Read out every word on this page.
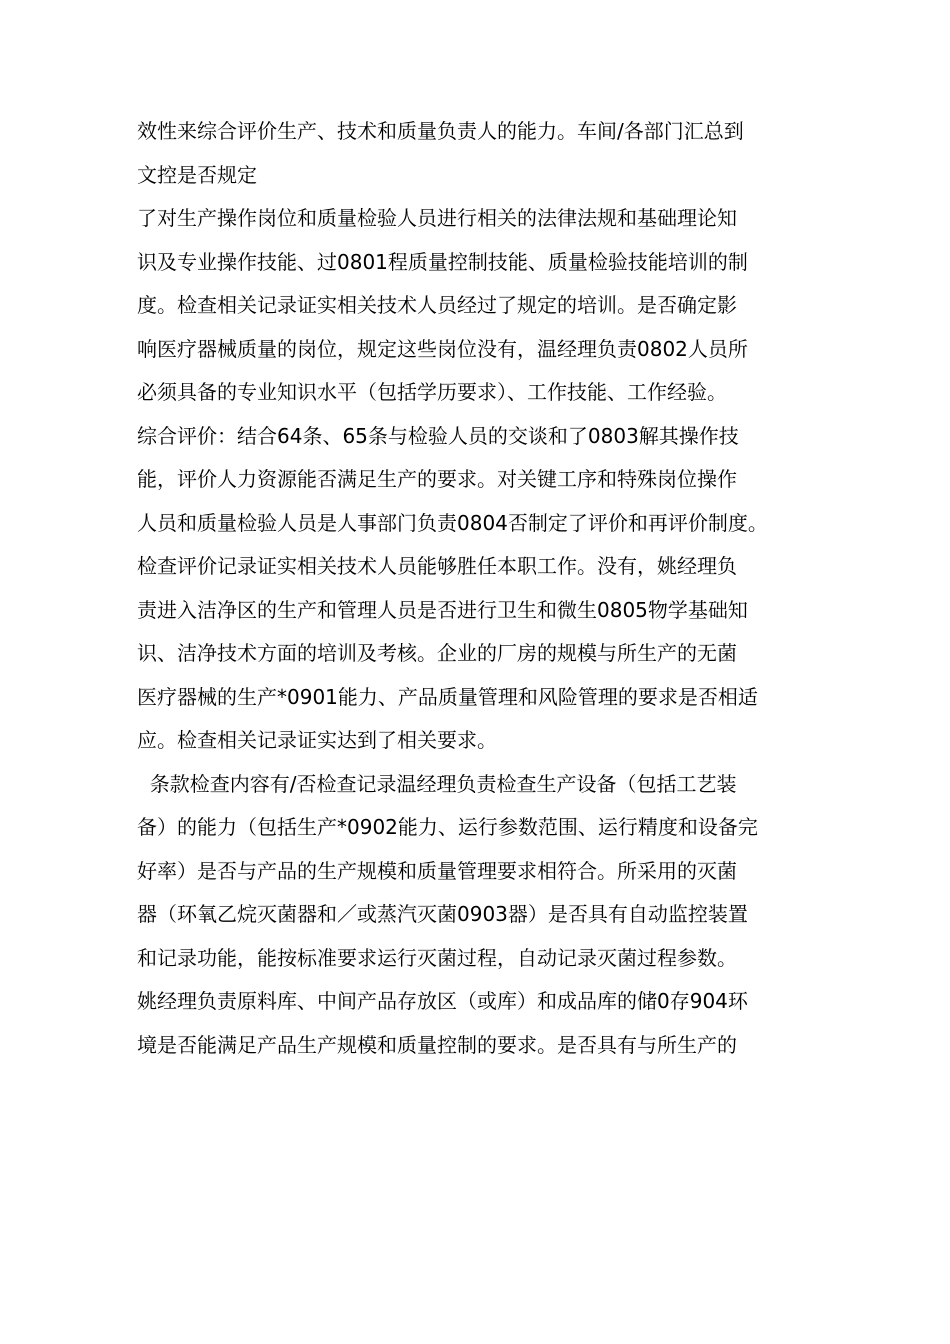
效性来综合评价生产、技术和质量负责人的能力。车间/各部门汇总到
文控是否规定
了对生产操作岗位和质量检验人员进行相关的法律法规和基础理论知
识及专业操作技能、过0801程质量控制技能、质量检验技能培训的制
度。检查相关记录证实相关技术人员经过了规定的培训。是否确定影
响医疗器械质量的岗位，规定这些岗位没有，温经理负责0802人员所
必须具备的专业知识水平（包括学历要求）、工作技能、工作经验。
综合评价：结合64条、65条与检验人员的交谈和了0803解其操作技
能，评价人力资源能否满足生产的要求。对关键工序和特殊岗位操作
人员和质量检验人员是人事部门负责0804否制定了评价和再评价制度。
检查评价记录证实相关技术人员能够胜任本职工作。没有，姚经理负
责进入洁净区的生产和管理人员是否进行卫生和微生0805物学基础知
识、洁净技术方面的培训及考核。企业的厂房的规模与所生产的无菌
医疗器械的生产*0901能力、产品质量管理和风险管理的要求是否相适
应。检查相关记录证实达到了相关要求。
条款检查内容有/否检查记录温经理负责检查生产设备（包括工艺装
备）的能力（包括生产*0902能力、运行参数范围、运行精度和设备完
好率）是否与产品的生产规模和质量管理要求相符合。所采用的灭菌
器（环氧乙烷灭菌器和／或蒸汽灭菌0903器）是否具有自动监控装置
和记录功能，能按标准要求运行灭菌过程，自动记录灭菌过程参数。
姚经理负责原料库、中间产品存放区（或库）和成品库的储0存904环
境是否能满足产品生产规模和质量控制的要求。是否具有与所生产的
